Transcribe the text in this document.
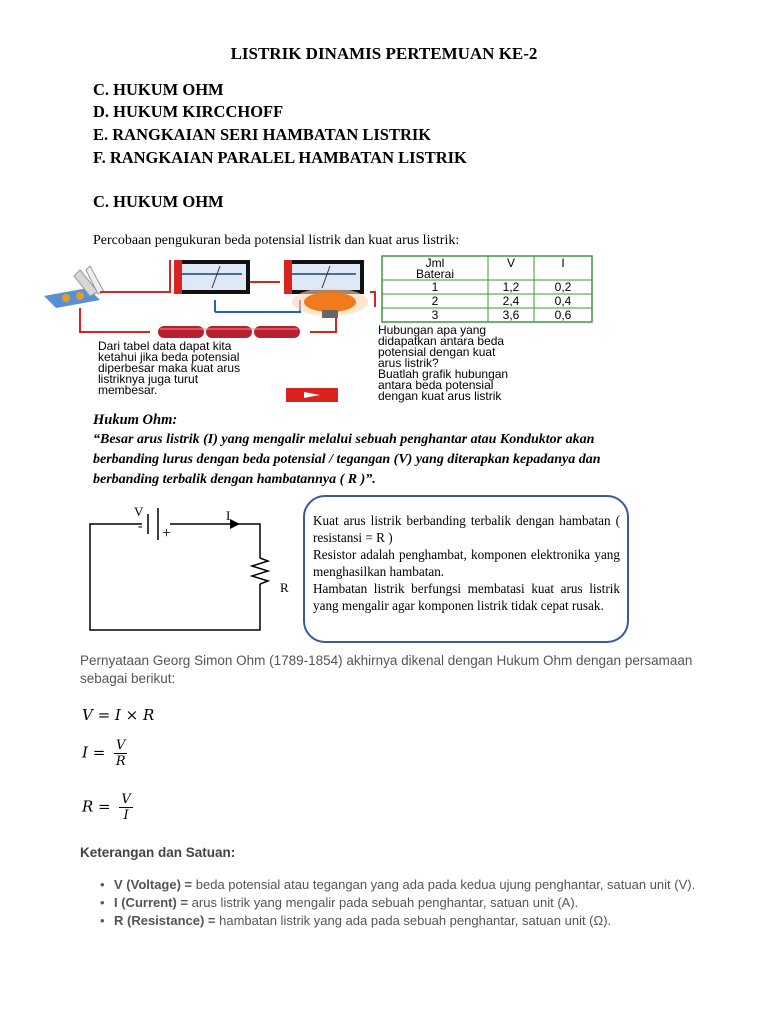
LISTRIK DINAMIS PERTEMUAN KE-2
C. HUKUM OHM
D. HUKUM KIRCCHOFF
E. RANGKAIAN SERI HAMBATAN LISTRIK
F. RANGKAIAN PARALEL HAMBATAN LISTRIK
C. HUKUM OHM
Percobaan pengukuran beda potensial listrik dan kuat arus listrik:
Jml
Baterai
V	I
1	1,2	0,2
2	2,4	0,4
3	3,6	0,6
Dari tabel data dapat kita
ketahui jika beda potensial
diperbesar maka kuat arus
listriknya juga turut
membesar.
Hubungan apa yang
didapatkan antara beda
potensial dengan kuat
arus listrik?
Buatlah grafik hubungan
antara beda potensial
dengan kuat arus listrik
Hukum Ohm:
“Besar arus listrik (I) yang mengalir melalui sebuah penghantar atau Konduktor akan
berbanding lurus dengan beda potensial / tegangan (V) yang diterapkan kepadanya dan
berbanding terbalik dengan hambatannya ( R )”.
V
- +
I
R

Kuat arus listrik berbanding terbalik dengan hambatan ( resistansi = R )

Resistor adalah penghambat, komponen elektronika yang menghasilkan hambatan.

Hambatan listrik berfungsi membatasi kuat arus listrik yang mengalir agar komponen listrik tidak cepat rusak.

Pernyataan Georg Simon Ohm (1789-1854) akhirnya dikenal dengan Hukum Ohm dengan persamaan sebagai berikut:
V = I × R
$I = \frac{V}{R}$
$R = \frac{V}{I}$
Keterangan dan Satuan:
• V (Voltage) = beda potensial atau tegangan yang ada pada kedua ujung penghantar, satuan unit (V).
• I (Current) = arus listrik yang mengalir pada sebuah penghantar, satuan unit (A).
• R (Resistance) = hambatan listrik yang ada pada sebuah penghantar, satuan unit (Ω).
